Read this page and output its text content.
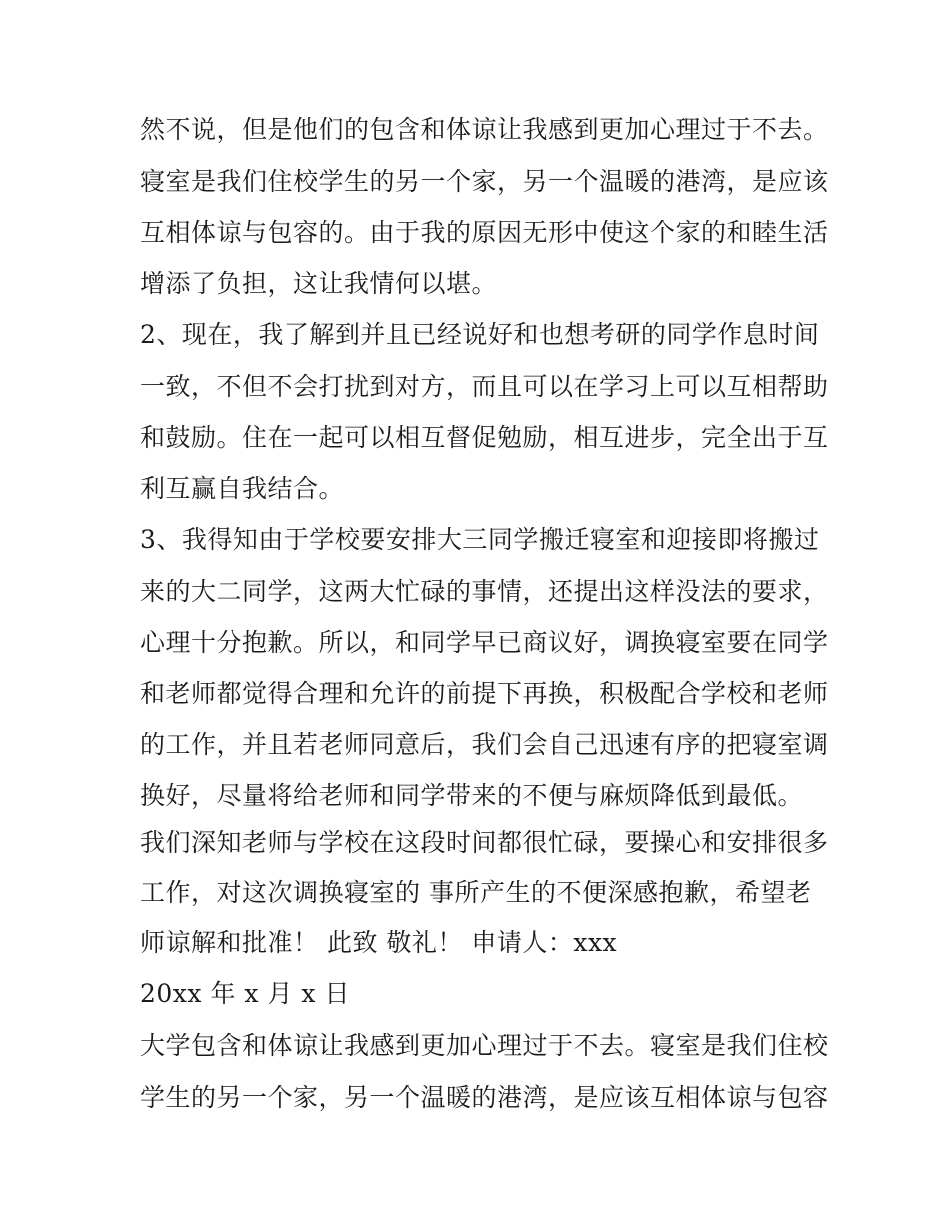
然不说，但是他们的包含和体谅让我感到更加心理过于不去。
寝室是我们住校学生的另一个家，另一个温暖的港湾，是应该
互相体谅与包容的。由于我的原因无形中使这个家的和睦生活
增添了负担，这让我情何以堪。
2、现在，我了解到并且已经说好和也想考研的同学作息时间
一致，不但不会打扰到对方，而且可以在学习上可以互相帮助
和鼓励。住在一起可以相互督促勉励，相互进步，完全出于互
利互赢自我结合。
3、我得知由于学校要安排大三同学搬迁寝室和迎接即将搬过
来的大二同学，这两大忙碌的事情，还提出这样没法的要求，
心理十分抱歉。所以，和同学早已商议好，调换寝室要在同学
和老师都觉得合理和允许的前提下再换，积极配合学校和老师
的工作，并且若老师同意后，我们会自己迅速有序的把寝室调
换好，尽量将给老师和同学带来的不便与麻烦降低到最低。
我们深知老师与学校在这段时间都很忙碌，要操心和安排很多
工作，对这次调换寝室的 事所产生的不便深感抱歉，希望老
师谅解和批准！ 此致 敬礼！ 申请人：xxx
20xx 年 x 月 x 日
大学包含和体谅让我感到更加心理过于不去。寝室是我们住校
学生的另一个家，另一个温暖的港湾，是应该互相体谅与包容
